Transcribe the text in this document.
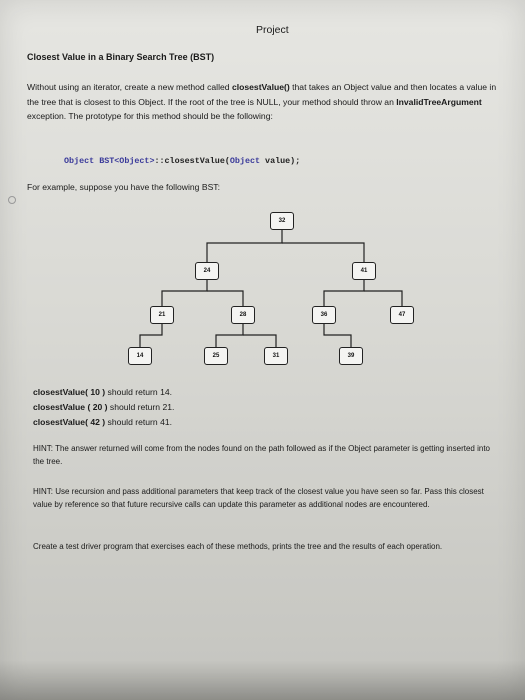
Project
Closest Value in a Binary Search Tree (BST)
Without using an iterator, create a new method called closestValue() that takes an Object value and then locates a value in the tree that is closest to this Object. If the root of the tree is NULL, your method should throw an InvalidTreeArgument exception. The prototype for this method should be the following:
Object BST<Object>::closestValue(Object value);
For example, suppose you have the following BST:
32
24	41
21	28	36	47
14	25	31	39
closestValue( 10 ) should return 14.
closestValue ( 20 ) should return 21.
closestValue( 42 ) should return 41.
HINT: The answer returned will come from the nodes found on the path followed as if the Object parameter is getting inserted into the tree.
HINT: Use recursion and pass additional parameters that keep track of the closest value you have seen so far. Pass this closest value by reference so that future recursive calls can update this parameter as additional nodes are encountered.
Create a test driver program that exercises each of these methods, prints the tree and the results of each operation.
